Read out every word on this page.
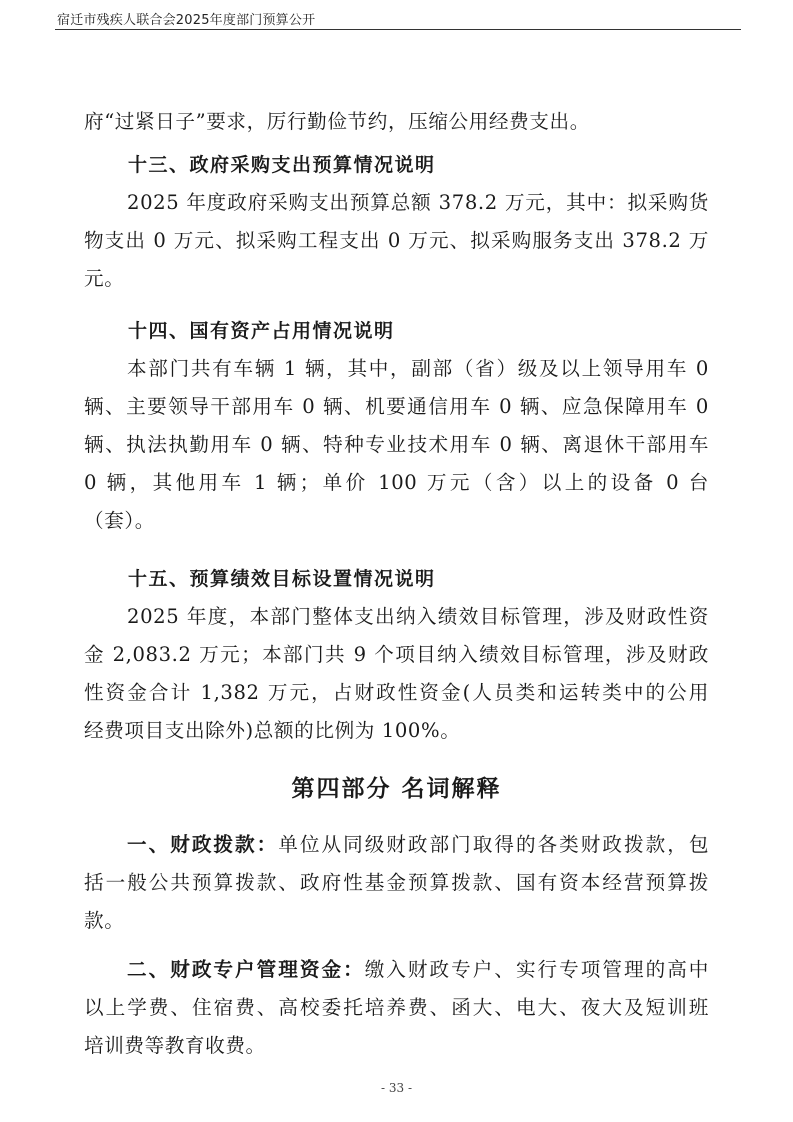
宿迁市残疾人联合会2025年度部门预算公开
府“过紧日子”要求，厉行勤俭节约，压缩公用经费支出。
十三、政府采购支出预算情况说明
2025 年度政府采购支出预算总额 378.2 万元，其中：拟采购货
物支出 0 万元、拟采购工程支出 0 万元、拟采购服务支出 378.2 万
元。
十四、国有资产占用情况说明
本部门共有车辆 1 辆，其中，副部（省）级及以上领导用车 0
辆、主要领导干部用车 0 辆、机要通信用车 0 辆、应急保障用车 0
辆、执法执勤用车 0 辆、特种专业技术用车 0 辆、离退休干部用车
0 辆，其他用车 1 辆；单价 100 万元（含）以上的设备 0 台
（套）。
十五、预算绩效目标设置情况说明
2025 年度，本部门整体支出纳入绩效目标管理，涉及财政性资
金 2,083.2 万元；本部门共 9 个项目纳入绩效目标管理，涉及财政
性资金合计 1,382 万元，占财政性资金(人员类和运转类中的公用
经费项目支出除外)总额的比例为 100%。
第四部分 名词解释
一、财政拨款：单位从同级财政部门取得的各类财政拨款，包
括一般公共预算拨款、政府性基金预算拨款、国有资本经营预算拨
款。
二、财政专户管理资金：缴入财政专户、实行专项管理的高中
以上学费、住宿费、高校委托培养费、函大、电大、夜大及短训班
培训费等教育收费。
- 33 -
